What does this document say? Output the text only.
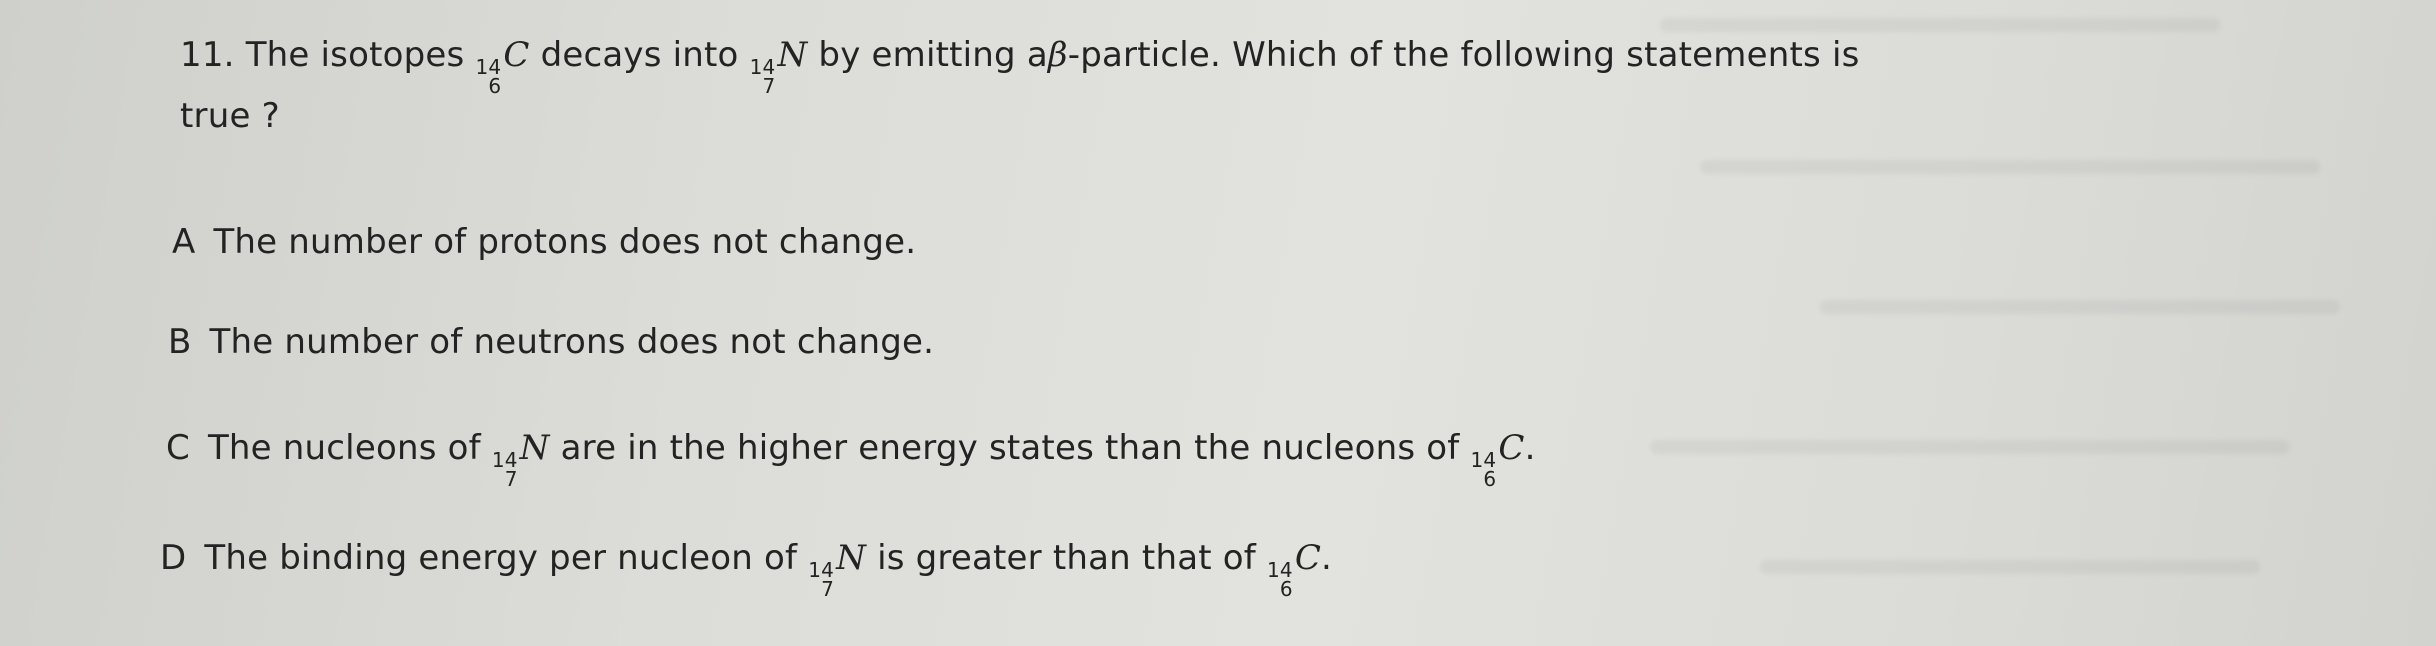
11. The isotopes 14
6
C decays into 14
7
N by emitting aβ-particle. Which of the following statements is
true ?
A The number of protons does not change.
B The number of neutrons does not change.
C The nucleons of 14
7
N are in the higher energy states than the nucleons of 14
6
C.
D The binding energy per nucleon of 14
7
N is greater than that of 14
6
C.
